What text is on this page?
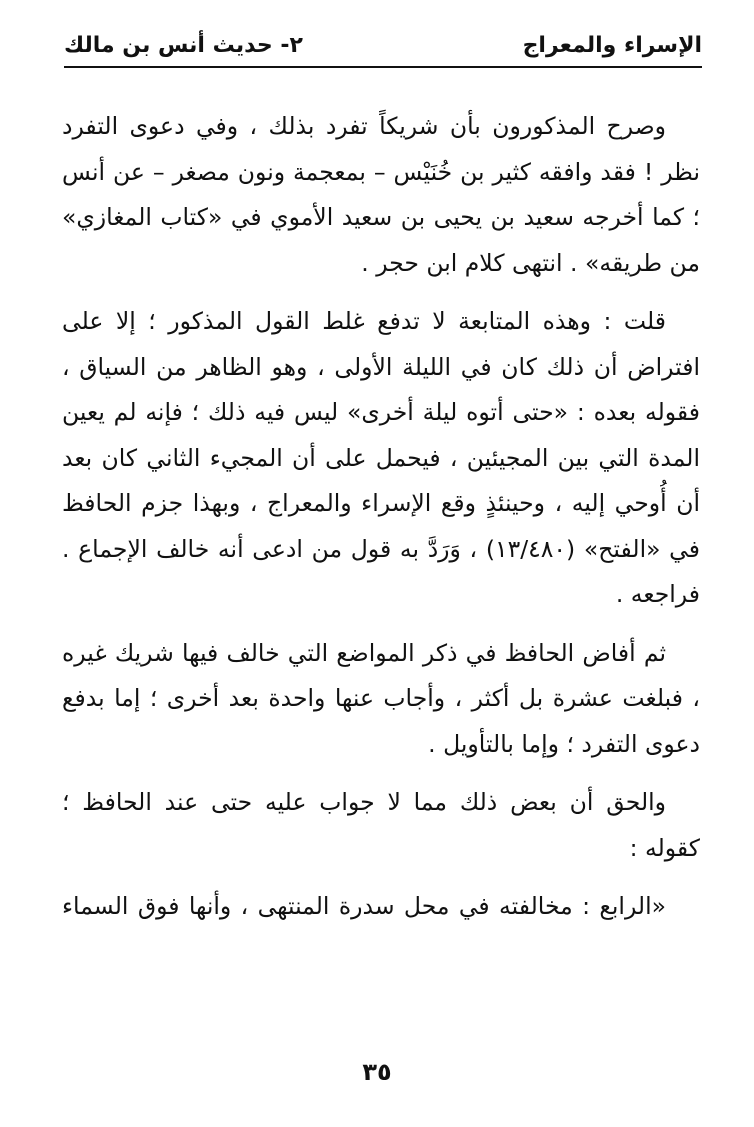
الإسراء والمعراج
٢- حديث أنس بن مالك

وصرح المذكورون بأن شريكاً تفرد بذلك ، وفي دعوى التفرد نظر ! فقد وافقه كثير بن خُنَيْس – بمعجمة ونون مصغر – عن أنس ؛ كما أخرجه سعيد بن يحيى بن سعيد الأموي في «كتاب المغازي» من طريقه» . انتهى كلام ابن حجر .

قلت : وهذه المتابعة لا تدفع غلط القول المذكور ؛ إلا على افتراض أن ذلك كان في الليلة الأولى ، وهو الظاهر من السياق ، فقوله بعده : «حتى أتوه ليلة أخرى» ليس فيه ذلك ؛ فإنه لم يعين المدة التي بين المجيئين ، فيحمل على أن المجيء الثاني كان بعد أن أُوحي إليه ، وحينئذٍ وقع الإسراء والمعراج ، وبهذا جزم الحافظ في «الفتح» (١٣/٤٨٠) ، وَرَدَّ به قول من ادعى أنه خالف الإجماع . فراجعه .

ثم أفاض الحافظ في ذكر المواضع التي خالف فيها شريك غيره ، فبلغت عشرة بل أكثر ، وأجاب عنها واحدة بعد أخرى ؛ إما بدفع دعوى التفرد ؛ وإما بالتأويل .

والحق أن بعض ذلك مما لا جواب عليه حتى عند الحافظ ؛ كقوله :

«الرابع : مخالفته في محل سدرة المنتهى ، وأنها فوق السماء

٣٥
